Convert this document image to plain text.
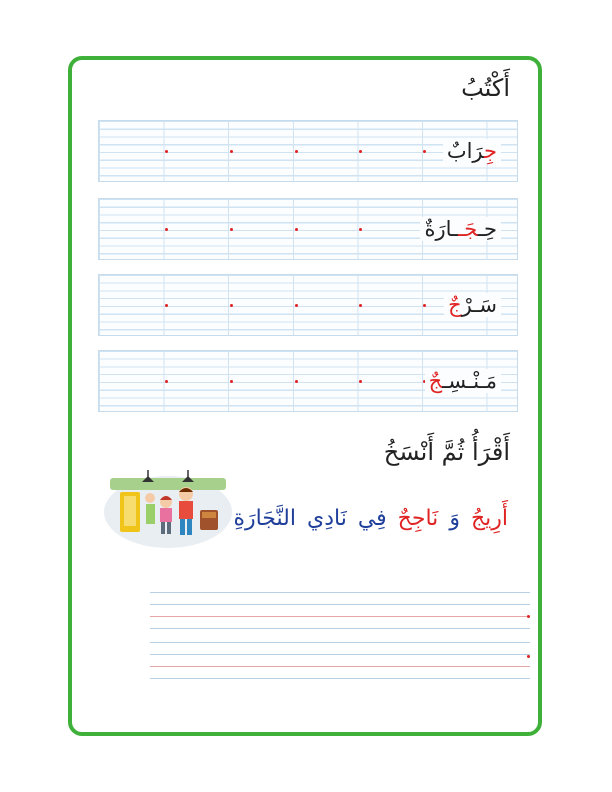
أَكْتُبُ
جِرَابٌ
حِـجَــارَةٌ
سَـرْجٌ
مَـنْـسِـجٌ
أَقْرَأُ ثُمَّ أَنْسَخُ
أَرِيجُ وَ نَاجِحٌ فِي نَادِي النَّجَارَةِ
